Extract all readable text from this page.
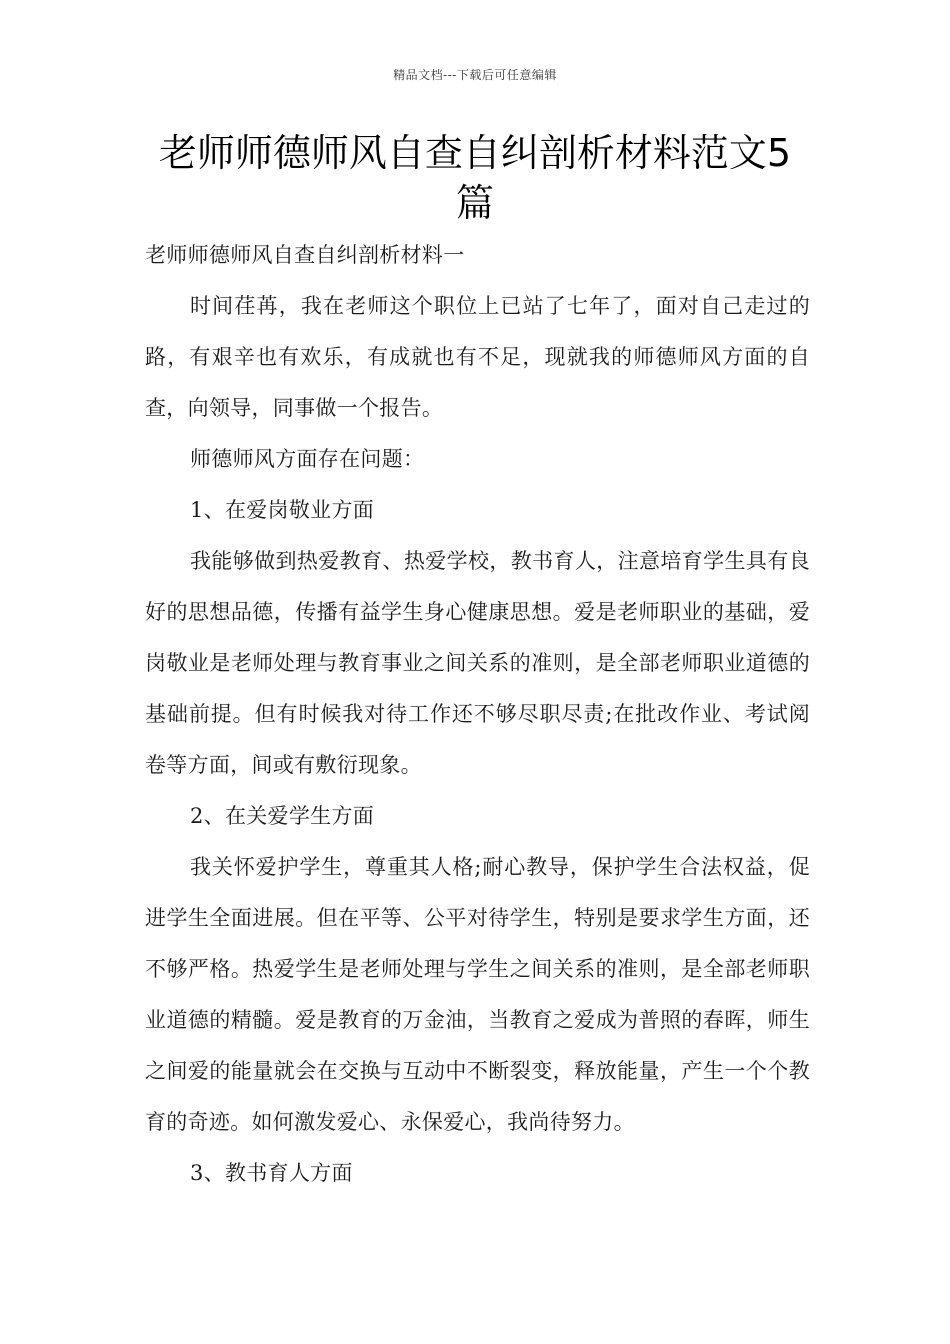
精品文档---下载后可任意编辑
老师师德师风自查自纠剖析材料范文5篇

老师师德师风自查自纠剖析材料一

时间荏苒，我在老师这个职位上已站了七年了，面对自己走过的路，有艰辛也有欢乐，有成就也有不足，现就我的师德师风方面的自查，向领导，同事做一个报告。

师德师风方面存在问题：

1、在爱岗敬业方面

我能够做到热爱教育、热爱学校，教书育人，注意培育学生具有良好的思想品德，传播有益学生身心健康思想。爱是老师职业的基础，爱岗敬业是老师处理与教育事业之间关系的准则，是全部老师职业道德的基础前提。但有时候我对待工作还不够尽职尽责;在批改作业、考试阅卷等方面，间或有敷衍现象。

2、在关爱学生方面

我关怀爱护学生，尊重其人格;耐心教导，保护学生合法权益，促进学生全面进展。但在平等、公平对待学生，特别是要求学生方面，还不够严格。热爱学生是老师处理与学生之间关系的准则，是全部老师职业道德的精髓。爱是教育的万金油，当教育之爱成为普照的春晖，师生之间爱的能量就会在交换与互动中不断裂变，释放能量，产生一个个教育的奇迹。如何激发爱心、永保爱心，我尚待努力。

3、教书育人方面
